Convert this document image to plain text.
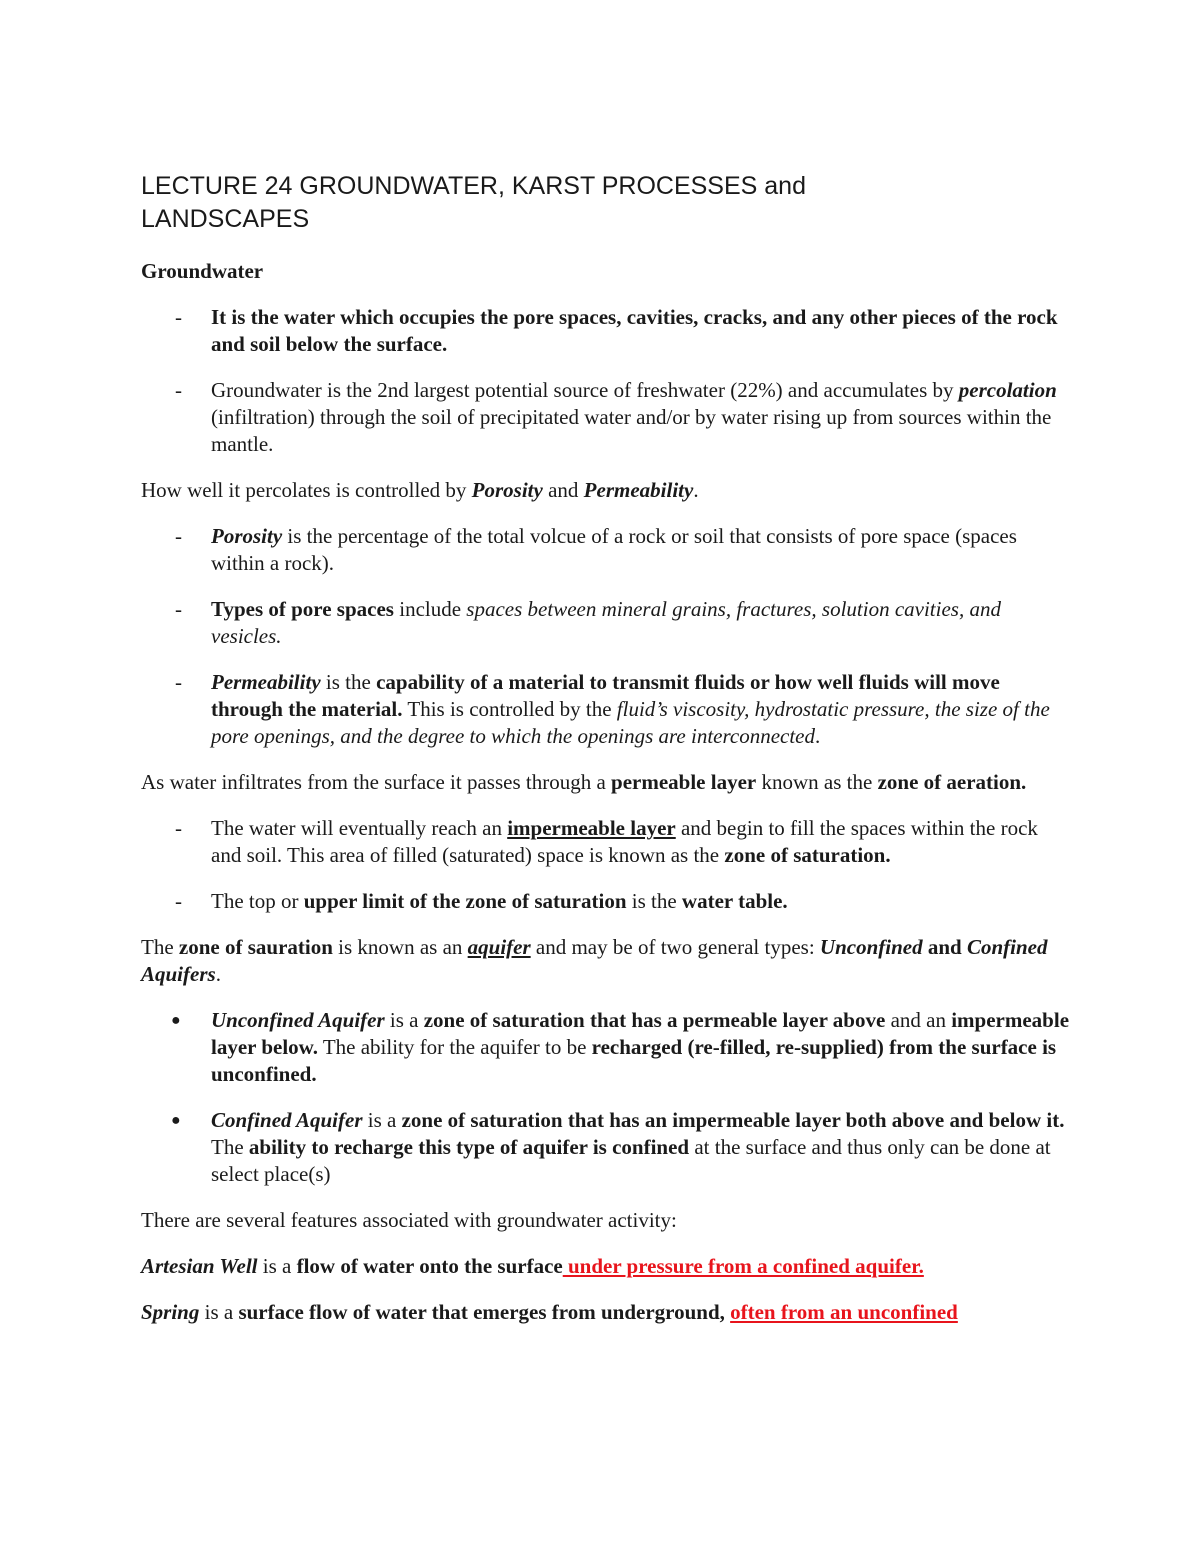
LECTURE 24 GROUNDWATER, KARST PROCESSES and LANDSCAPES

Groundwater

-	It is the water which occupies the pore spaces, cavities, cracks, and any other pieces of the rock and soil below the surface.
-	Groundwater is the 2nd largest potential source of freshwater (22%) and accumulates by percolation (infiltration) through the soil of precipitated water and/or by water rising up from sources within the mantle.

How well it percolates is controlled by Porosity and Permeability.

-	Porosity is the percentage of the total volcue of a rock or soil that consists of pore space (spaces within a rock).
-	Types of pore spaces include spaces between mineral grains, fractures, solution cavities, and vesicles.
-	Permeability is the capability of a material to transmit fluids or how well fluids will move through the material. This is controlled by the fluid’s viscosity, hydrostatic pressure, the size of the pore openings, and the degree to which the openings are interconnected.

As water infiltrates from the surface it passes through a permeable layer known as the zone of aeration.

-	The water will eventually reach an impermeable layer and begin to fill the spaces within the rock and soil. This area of filled (saturated) space is known as the zone of saturation.
-	The top or upper limit of the zone of saturation is the water table.

The zone of sauration is known as an aquifer and may be of two general types: Unconfined and Confined Aquifers.

●	Unconfined Aquifer is a zone of saturation that has a permeable layer above and an impermeable layer below. The ability for the aquifer to be recharged (re-filled, re-supplied) from the surface is unconfined.
●	Confined Aquifer is a zone of saturation that has an impermeable layer both above and below it. The ability to recharge this type of aquifer is confined at the surface and thus only can be done at select place(s)

There are several features associated with groundwater activity:

Artesian Well is a flow of water onto the surface under pressure from a confined aquifer.

Spring is a surface flow of water that emerges from underground, often from an unconfined
